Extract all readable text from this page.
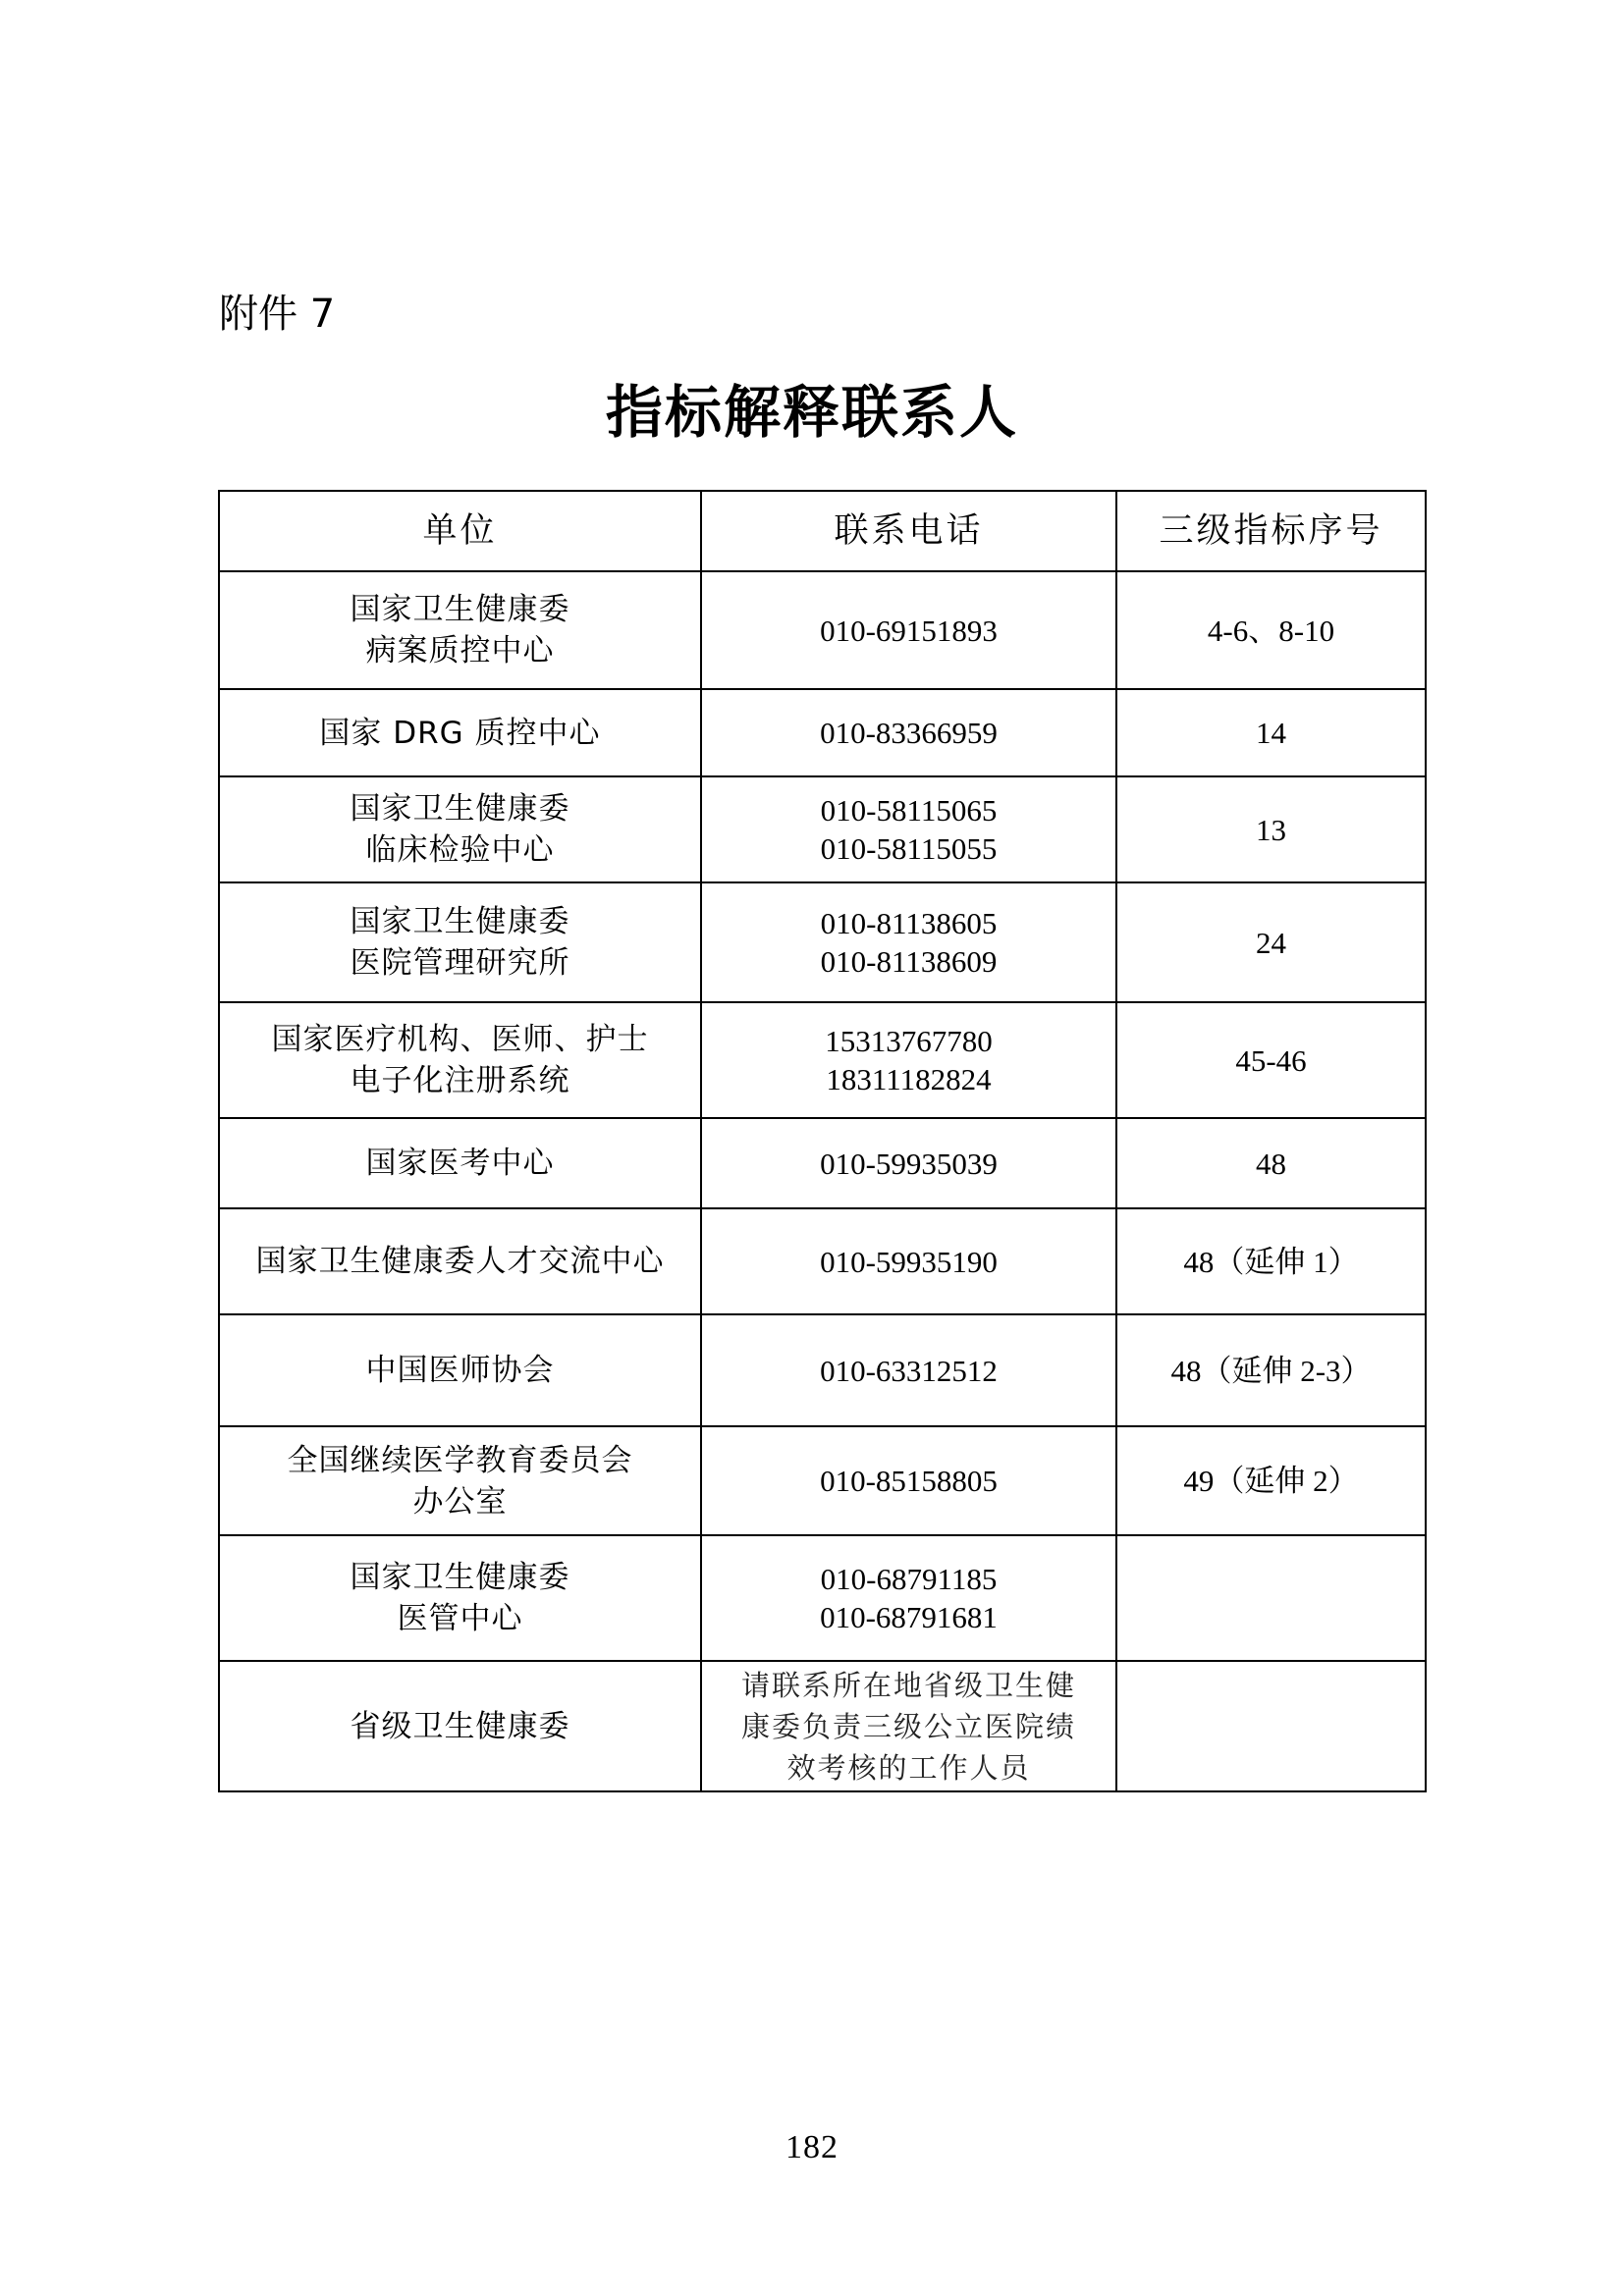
附件 7
指标解释联系人
单位	联系电话	三级指标序号

国家卫生健康委
病案质控中心	010-69151893	4-6、8-10

国家 DRG 质控中心	010-83366959	14

国家卫生健康委
临床检验中心	010-58115065
010-58115055	13

国家卫生健康委
医院管理研究所	010-81138605
010-81138609	24

国家医疗机构、医师、护士
电子化注册系统	15313767780
18311182824	45-46

国家医考中心	010-59935039	48

国家卫生健康委人才交流中心	010-59935190	48（延伸 1）

中国医师协会	010-63312512	48（延伸 2-3）

全国继续医学教育委员会
办公室	010-85158805	49（延伸 2）

国家卫生健康委
医管中心	010-68791185
010-68791681	

省级卫生健康委	请联系所在地省级卫生健
康委负责三级公立医院绩
效考核的工作人员	

182
